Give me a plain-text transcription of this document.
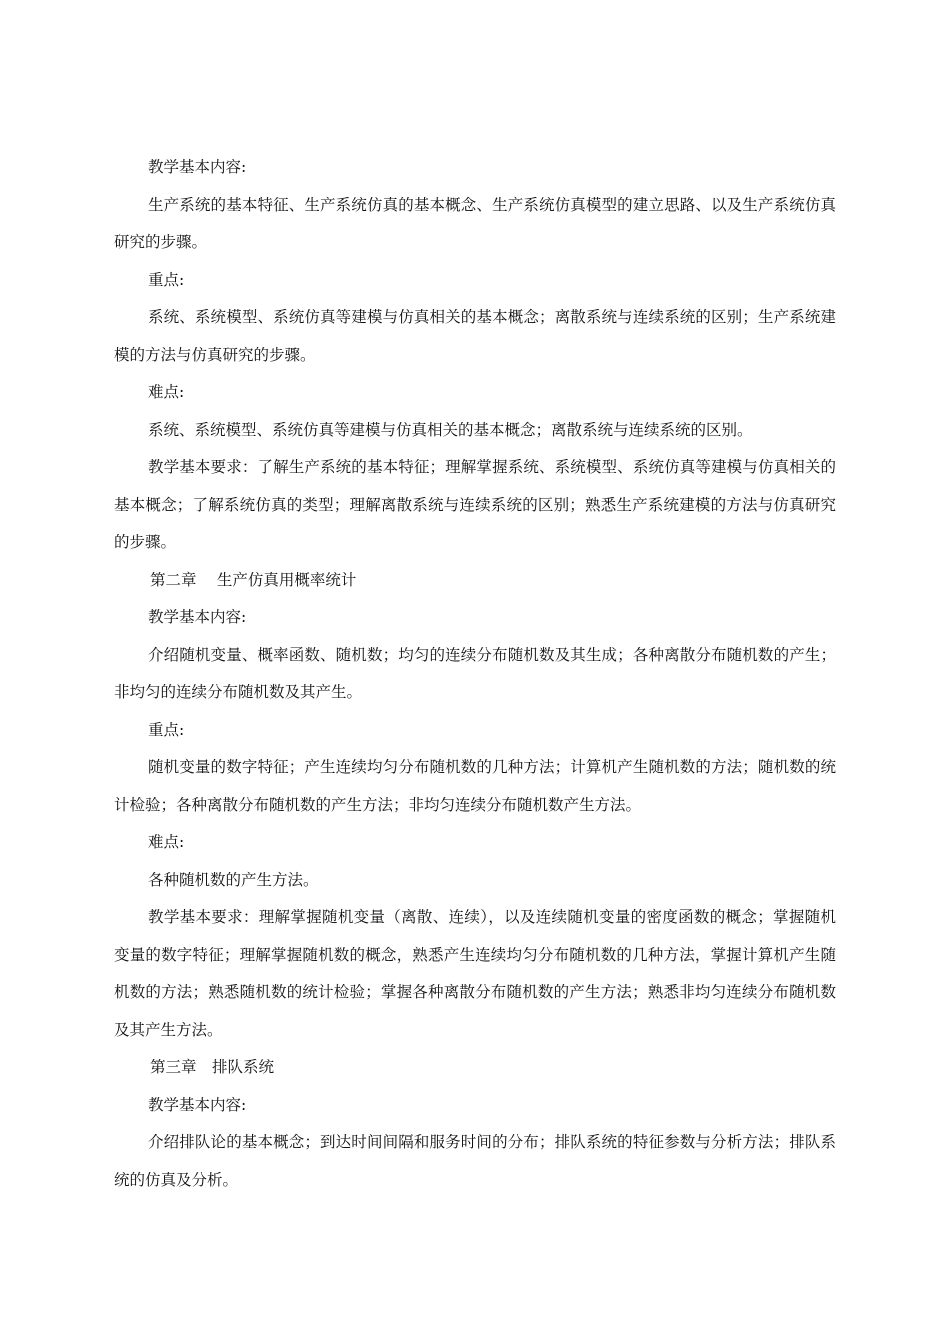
教学基本内容:

生产系统的基本特征、生产系统仿真的基本概念、生产系统仿真模型的建立思路、以及生产系统仿真研究的步骤。

重点:

系统、系统模型、系统仿真等建模与仿真相关的基本概念；离散系统与连续系统的区别；生产系统建模的方法与仿真研究的步骤。

难点:

系统、系统模型、系统仿真等建模与仿真相关的基本概念；离散系统与连续系统的区别。

教学基本要求：了解生产系统的基本特征；理解掌握系统、系统模型、系统仿真等建模与仿真相关的基本概念；了解系统仿真的类型；理解离散系统与连续系统的区别；熟悉生产系统建模的方法与仿真研究的步骤。

第二章　 生产仿真用概率统计

教学基本内容:

介绍随机变量、概率函数、随机数；均匀的连续分布随机数及其生成；各种离散分布随机数的产生；非均匀的连续分布随机数及其产生。

重点:

随机变量的数字特征；产生连续均匀分布随机数的几种方法；计算机产生随机数的方法；随机数的统计检验；各种离散分布随机数的产生方法；非均匀连续分布随机数产生方法。

难点:

各种随机数的产生方法。

教学基本要求：理解掌握随机变量（离散、连续），以及连续随机变量的密度函数的概念；掌握随机变量的数字特征；理解掌握随机数的概念，熟悉产生连续均匀分布随机数的几种方法，掌握计算机产生随机数的方法；熟悉随机数的统计检验；掌握各种离散分布随机数的产生方法；熟悉非均匀连续分布随机数及其产生方法。

第三章　排队系统

教学基本内容:

介绍排队论的基本概念；到达时间间隔和服务时间的分布；排队系统的特征参数与分析方法；排队系统的仿真及分析。
